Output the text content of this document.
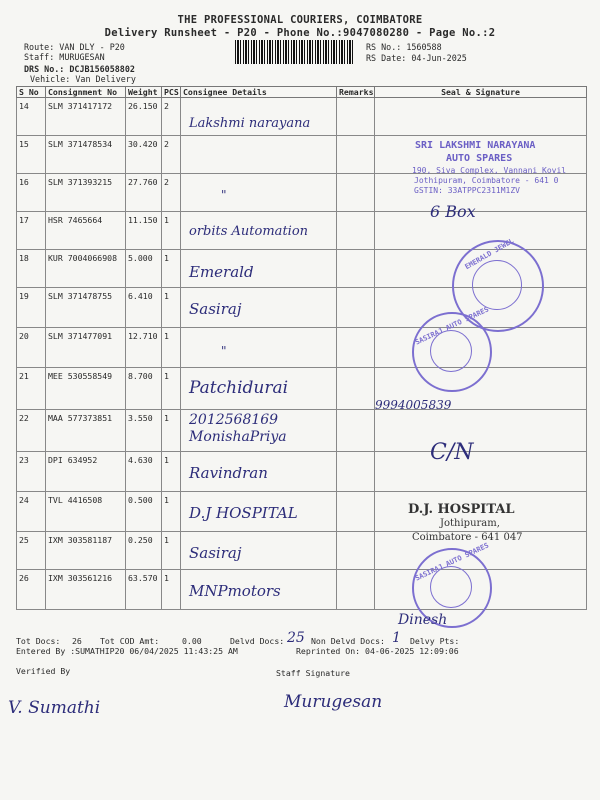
THE PROFESSIONAL COURIERS, COIMBATORE
Delivery Runsheet - P20 - Phone No.:9047080280 - Page No.:2
Route: VAN DLY - P20
Staff: MURUGESAN
DRS No.: DCJB156058802
Vehicle: Van Delivery
RS No.: 1560588
RS Date: 04-Jun-2025
S No	Consignment No	Weight	PCS	Consignee Details	Remarks	Seal & Signature
14	SLM 371417172	26.150	2	Lakshmi narayana		

15	SLM 371478534	30.420	2	

16	SLM 371393215	27.760	2	"		

17	HSR 7465664	11.150	1	orbits Automation		

18	KUR 7004066908	5.000	1	Emerald		

19	SLM 371478755	6.410	1	Sasiraj		

20	SLM 371477091	12.710	1	"		

21	MEE 530558549	8.700	1	Patchidurai		

22	MAA 577373851	3.550	1	2012568169 MonishaPriya		

23	DPI 634952	4.630	1	Ravindran		

24	TVL 4416508	0.500	1	D.J HOSPITAL		

25	IXM 303581187	0.250	1	Sasiraj		

26	IXM 303561216	63.570	1	MNPmotors		

SRI LAKSHMI NARAYANA
AUTO SPARES
190, Siva Complex, Vannani Kovil
Jothipuram, Coimbatore - 641 0
GSTIN: 33ATPPC2311M1ZV
6 Box
EMERALD JEWEL
SASIRAJ AUTO SPARES
9994005839
C/N
D.J. HOSPITAL
Jothipuram,
Coimbatore - 641 047
SASIRAJ AUTO SPARES
Dinesh
Tot Docs: 26 Tot COD Amt:	0.00	Delvd Docs: 25 Non Delvd Docs: 1 Delvy Pts:
Entered By :SUMATHIP20 06/04/2025 11:43:25 AM	Reprinted On: 04-06-2025 12:09:06
Verified By	Staff Signature
V. Sumathi	Murugesan
